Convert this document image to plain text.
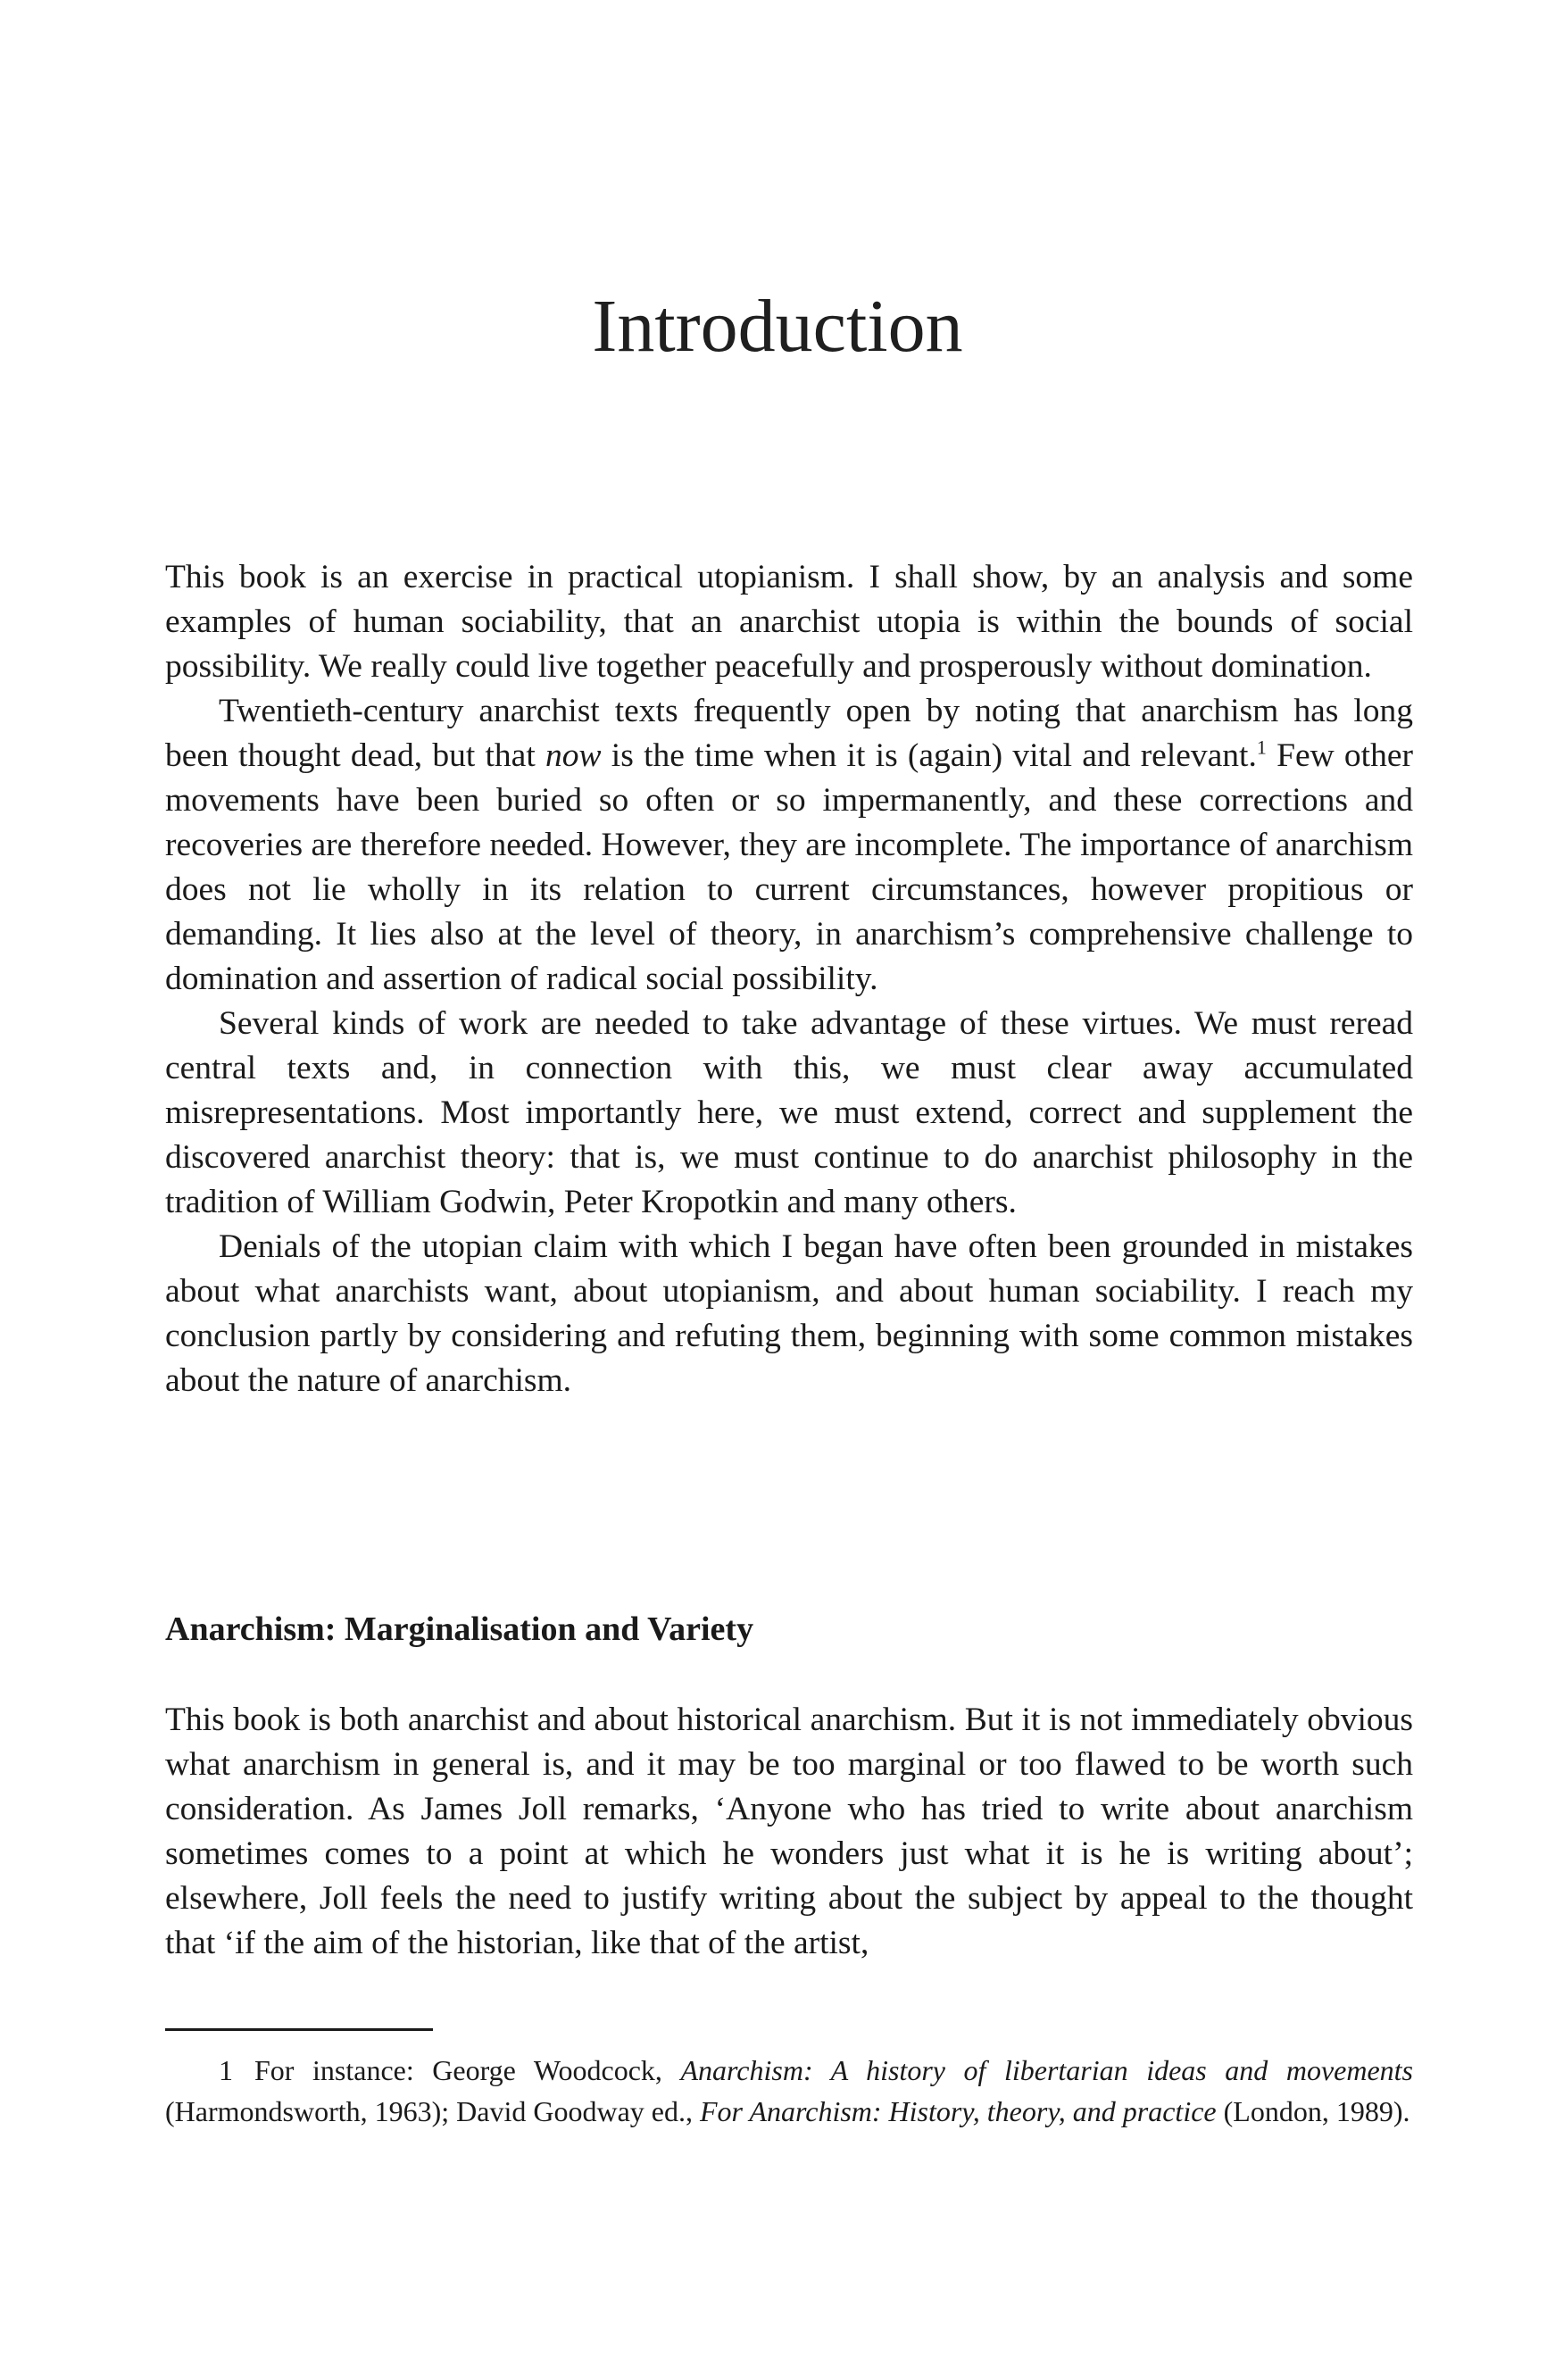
Introduction

This book is an exercise in practical utopianism. I shall show, by an analysis and some examples of human sociability, that an anarchist utopia is within the bounds of social possibility. We really could live together peacefully and prosperously without domination.

Twentieth-century anarchist texts frequently open by noting that anarchism has long been thought dead, but that now is the time when it is (again) vital and relevant.$^1$ Few other movements have been buried so often or so impermanently, and these corrections and recoveries are therefore needed. However, they are incomplete. The importance of anarchism does not lie wholly in its relation to current circumstances, however propitious or demanding. It lies also at the level of theory, in anarchism’s comprehensive challenge to domination and assertion of radical social possibility.

Several kinds of work are needed to take advantage of these virtues. We must reread central texts and, in connection with this, we must clear away accumulated misrepresentations. Most importantly here, we must extend, correct and supplement the discovered anarchist theory: that is, we must continue to do anarchist philosophy in the tradition of William Godwin, Peter Kropotkin and many others.

Denials of the utopian claim with which I began have often been grounded in mistakes about what anarchists want, about utopianism, and about human sociability. I reach my conclusion partly by considering and refuting them, beginning with some common mistakes about the nature of anarchism.

Anarchism: Marginalisation and Variety

This book is both anarchist and about historical anarchism. But it is not immediately obvious what anarchism in general is, and it may be too marginal or too flawed to be worth such consideration. As James Joll remarks, ‘Anyone who has tried to write about anarchism sometimes comes to a point at which he wonders just what it is he is writing about’; elsewhere, Joll feels the need to justify writing about the subject by appeal to the thought that ‘if the aim of the historian, like that of the artist,

1 For instance: George Woodcock, Anarchism: A history of libertarian ideas and movements (Harmondsworth, 1963); David Goodway ed., For Anarchism: History, theory, and practice (London, 1989).
